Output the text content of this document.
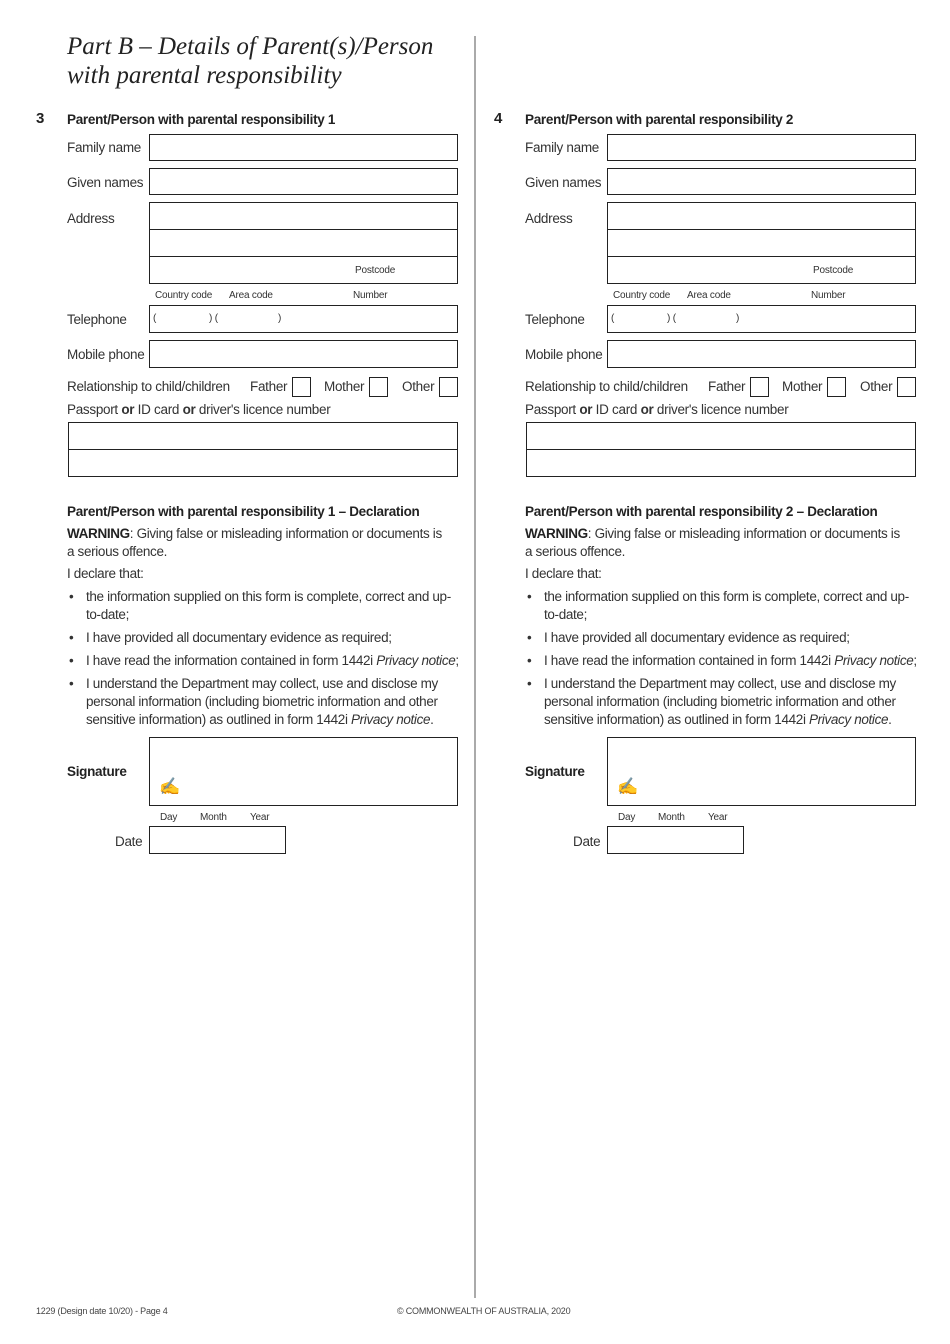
Part B – Details of Parent(s)/Person with parental responsibility
3 Parent/Person with parental responsibility 1
Family name
Given names
Address
Postcode
Country code Area code	Number
Telephone	(	) (	)
Mobile phone
Relationship to child/children Father	Mother	Other
Passport or ID card or driver's licence number
Parent/Person with parental responsibility 1 – Declaration
WARNING: Giving false or misleading information or documents is a serious offence.
I declare that:
• the information supplied on this form is complete, correct and up-to-date;
• I have provided all documentary evidence as required;
• I have read the information contained in form 1442i Privacy notice;
• I understand the Department may collect, use and disclose my personal information (including biometric information and other sensitive information) as outlined in form 1442i Privacy notice.
Signature
✍
Day Month Year
Date
4 Parent/Person with parental responsibility 2
Family name
Given names
Address
Postcode
Country code Area code	Number
Telephone	(	) (	)
Mobile phone
Relationship to child/children Father	Mother	Other
Passport or ID card or driver's licence number
Parent/Person with parental responsibility 2 – Declaration
WARNING: Giving false or misleading information or documents is a serious offence.
I declare that:
• the information supplied on this form is complete, correct and up-to-date;
• I have provided all documentary evidence as required;
• I have read the information contained in form 1442i Privacy notice;
• I understand the Department may collect, use and disclose my personal information (including biometric information and other sensitive information) as outlined in form 1442i Privacy notice.
Signature
✍
Day Month Year
Date
1229 (Design date 10/20) - Page 4	© COMMONWEALTH OF AUSTRALIA, 2020
